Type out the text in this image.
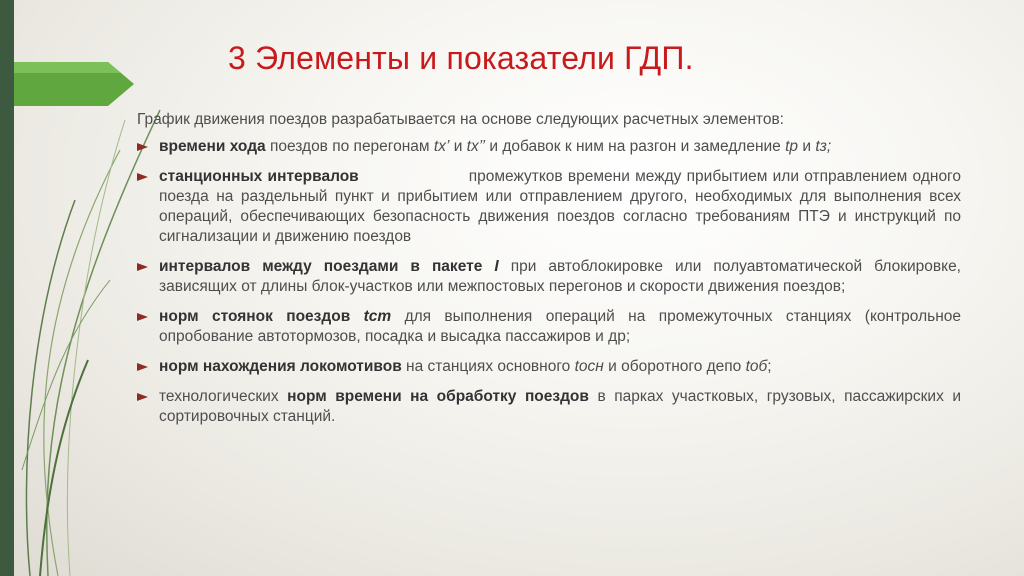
3 Элементы и показатели ГДП.

График движения поездов разрабатывается на основе следующих расчетных элементов:

времени хода поездов по перегонам tx’ и tx’’ и добавок к ним на разгон и замедление tр и tз;
станционных интервалов	промежутков времени между прибытием или отправлением одного поезда на раздельный пункт и прибытием или отправлением другого, необходимых для выполнения всех операций, обеспечивающих безопасность движения поездов согласно требованиям ПТЭ и инструкций по сигнализации и движению поездов
интервалов между поездами в пакете I при автоблокировке или полуавтоматической блокировке, зависящих от длины блок-участков или межпостовых перегонов и скорости движения поездов;
норм стоянок поездов tст для выполнения операций на промежуточных станциях (контрольное опробование автотормозов, посадка и высадка пассажиров и др;
норм нахождения локомотивов на станциях основного tосн и оборотного депо tоб;
технологических норм времени на обработку поездов в парках участковых, грузовых, пассажирских и сортировочных станций.
